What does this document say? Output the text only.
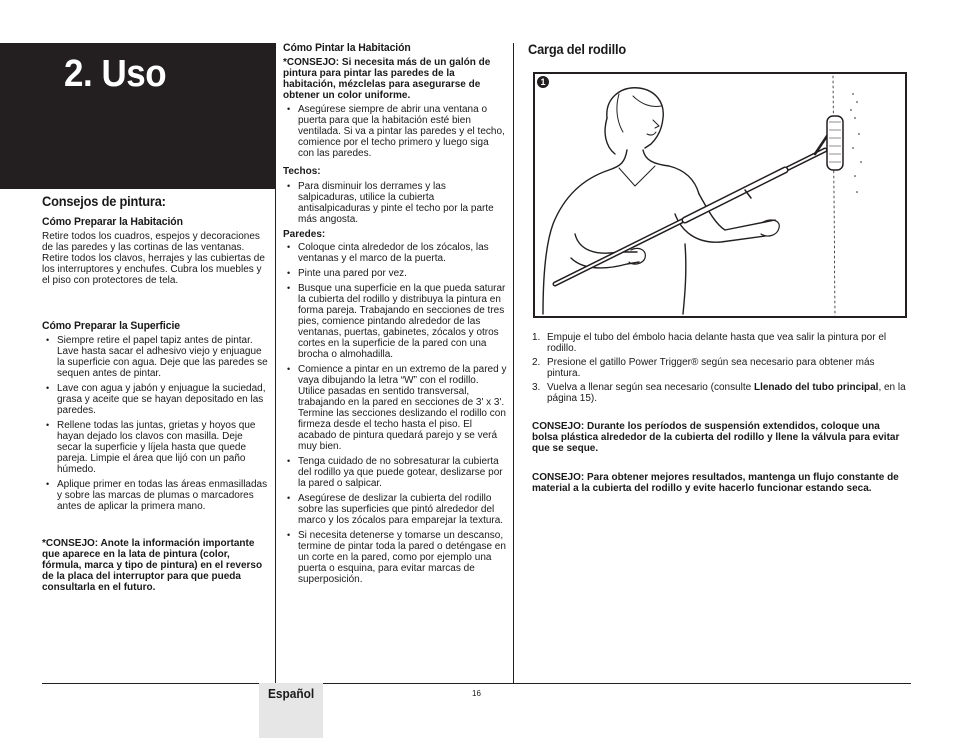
2. Uso
Consejos de pintura:
Cómo Preparar la Habitación
Retire todos los cuadros, espejos y decoraciones de las paredes y las cortinas de las ventanas. Retire todos los clavos, herrajes y las cubiertas de los interruptores y enchufes. Cubra los muebles y el piso con protectores de tela.
Cómo Preparar la Superficie
• Siempre retire el papel tapiz antes de pintar. Lave hasta sacar el adhesivo viejo y enjuague la superficie con agua. Deje que las paredes se sequen antes de pintar.
• Lave con agua y jabón y enjuague la suciedad, grasa y aceite que se hayan depositado en las paredes.
• Rellene todas las juntas, grietas y hoyos que hayan dejado los clavos con masilla. Deje secar la superficie y líjela hasta que quede pareja. Limpie el área que lijó con un paño húmedo.
• Aplique primer en todas las áreas enmasilladas y sobre las marcas de plumas o marcadores antes de aplicar la primera mano.
*CONSEJO: Anote la información importante que aparece en la lata de pintura (color, fórmula, marca y tipo de pintura) en el reverso de la placa del interruptor para que pueda consultarla en el futuro.
Cómo Pintar la Habitación
*CONSEJO: Si necesita más de un galón de pintura para pintar las paredes de la habitación, mézclelas para asegurarse de obtener un color uniforme.
• Asegúrese siempre de abrir una ventana o puerta para que la habitación esté bien ventilada. Si va a pintar las paredes y el techo, comience por el techo primero y luego siga con las paredes.
Techos:
• Para disminuir los derrames y las salpicaduras, utilice la cubierta antisalpicaduras y pinte el techo por la parte más angosta.
Paredes:
• Coloque cinta alrededor de los zócalos, las ventanas y el marco de la puerta.
• Pinte una pared por vez.
• Busque una superficie en la que pueda saturar la cubierta del rodillo y distribuya la pintura en forma pareja. Trabajando en secciones de tres pies, comience pintando alrededor de las ventanas, puertas, gabinetes, zócalos y otros cortes en la superficie de la pared con una brocha o almohadilla.
• Comience a pintar en un extremo de la pared y vaya dibujando la letra “W” con el rodillo. Utilice pasadas en sentido transversal, trabajando en la pared en secciones de 3' x 3'. Termine las secciones deslizando el rodillo con firmeza desde el techo hasta el piso. El acabado de pintura quedará parejo y se verá muy bien.
• Tenga cuidado de no sobresaturar la cubierta del rodillo ya que puede gotear, deslizarse por la pared o salpicar.
• Asegúrese de deslizar la cubierta del rodillo sobre las superficies que pintó alrededor del marco y los zócalos para emparejar la textura.
• Si necesita detenerse y tomarse un descanso, termine de pintar toda la pared o deténgase en un corte en la pared, como por ejemplo una puerta o esquina, para evitar marcas de superposición.
Carga del rodillo
1
1. Empuje el tubo del émbolo hacia delante hasta que vea salir la pintura por el rodillo.
2. Presione el gatillo Power Trigger® según sea necesario para obtener más pintura.
3. Vuelva a llenar según sea necesario (consulte Llenado del tubo principal, en la página 15).
CONSEJO: Durante los períodos de suspensión extendidos, coloque una bolsa plástica alrededor de la cubierta del rodillo y llene la válvula para evitar que se seque.
CONSEJO: Para obtener mejores resultados, mantenga un flujo constante de material a la cubierta del rodillo y evite hacerlo funcionar estando seca.
Español	16
